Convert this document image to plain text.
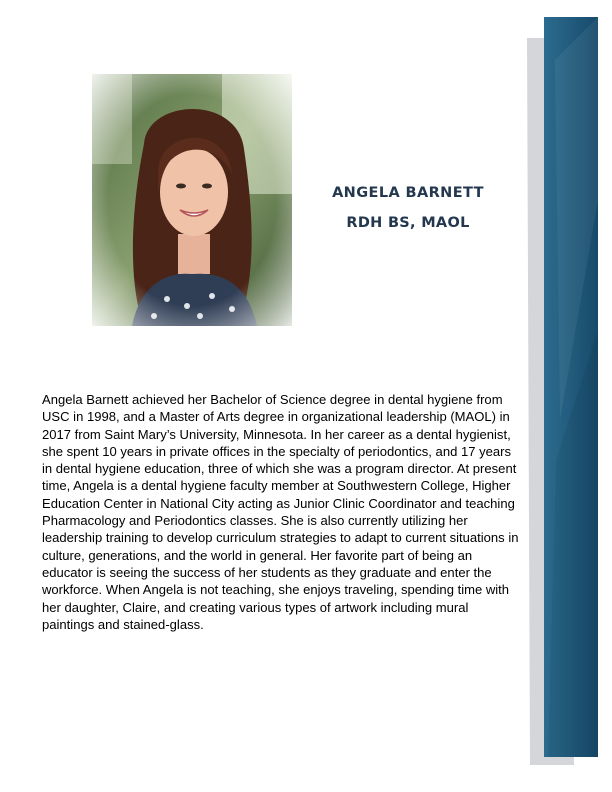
ANGELA BARNETT
RDH BS, MAOL

Angela Barnett achieved her Bachelor of Science degree in dental hygiene from USC in 1998, and a Master of Arts degree in organizational leadership (MAOL) in 2017 from Saint Mary’s University, Minnesota. In her career as a dental hygienist, she spent 10 years in private offices in the specialty of periodontics, and 17 years in dental hygiene education, three of which she was a program director. At present time, Angela is a dental hygiene faculty member at Southwestern College, Higher Education Center in National City acting as Junior Clinic Coordinator and teaching Pharmacology and Periodontics classes. She is also currently utilizing her leadership training to develop curriculum strategies to adapt to current situations in culture, generations, and the world in general. Her favorite part of being an educator is seeing the success of her students as they graduate and enter the workforce. When Angela is not teaching, she enjoys traveling, spending time with her daughter, Claire, and creating various types of artwork including mural paintings and stained-glass.
